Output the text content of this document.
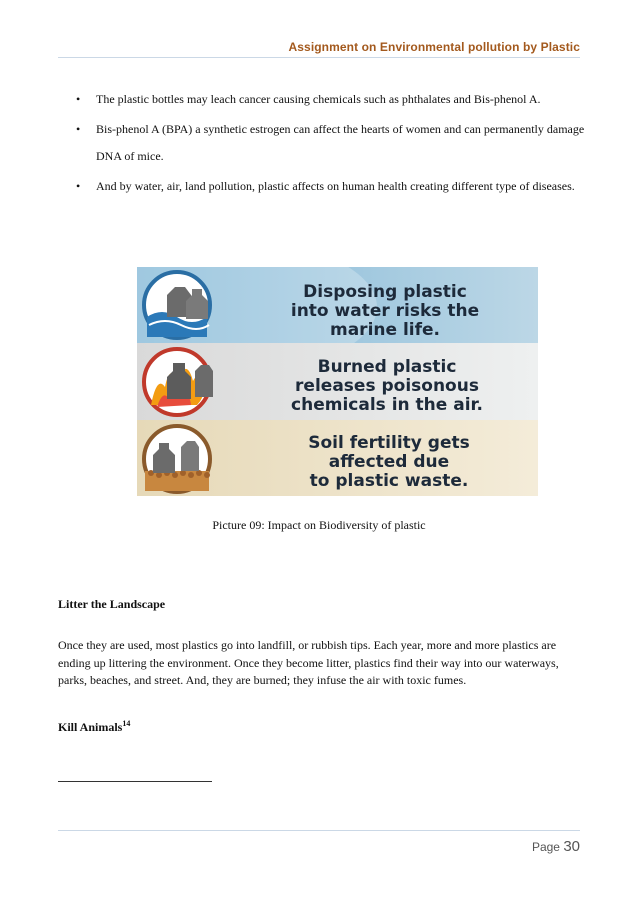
Assignment on Environmental pollution by Plastic
• The plastic bottles may leach cancer causing chemicals such as phthalates and Bis-phenol A.
• Bis-phenol A (BPA) a synthetic estrogen can affect the hearts of women and can permanently damage DNA of mice.
• And by water, air, land pollution, plastic affects on human health creating different type of diseases.
Disposing plastic
into water risks the
marine life.
Burned plastic
releases poisonous
chemicals in the air.
Soil fertility gets
affected due
to plastic waste.
Picture 09: Impact on Biodiversity of plastic
Litter the Landscape

Once they are used, most plastics go into landfill, or rubbish tips. Each year, more and more plastics are ending up littering the environment. Once they become litter, plastics find their way into our waterways, parks, beaches, and street. And, they are burned; they infuse the air with toxic fumes.

Kill Animals$^{14}$
Page 30
